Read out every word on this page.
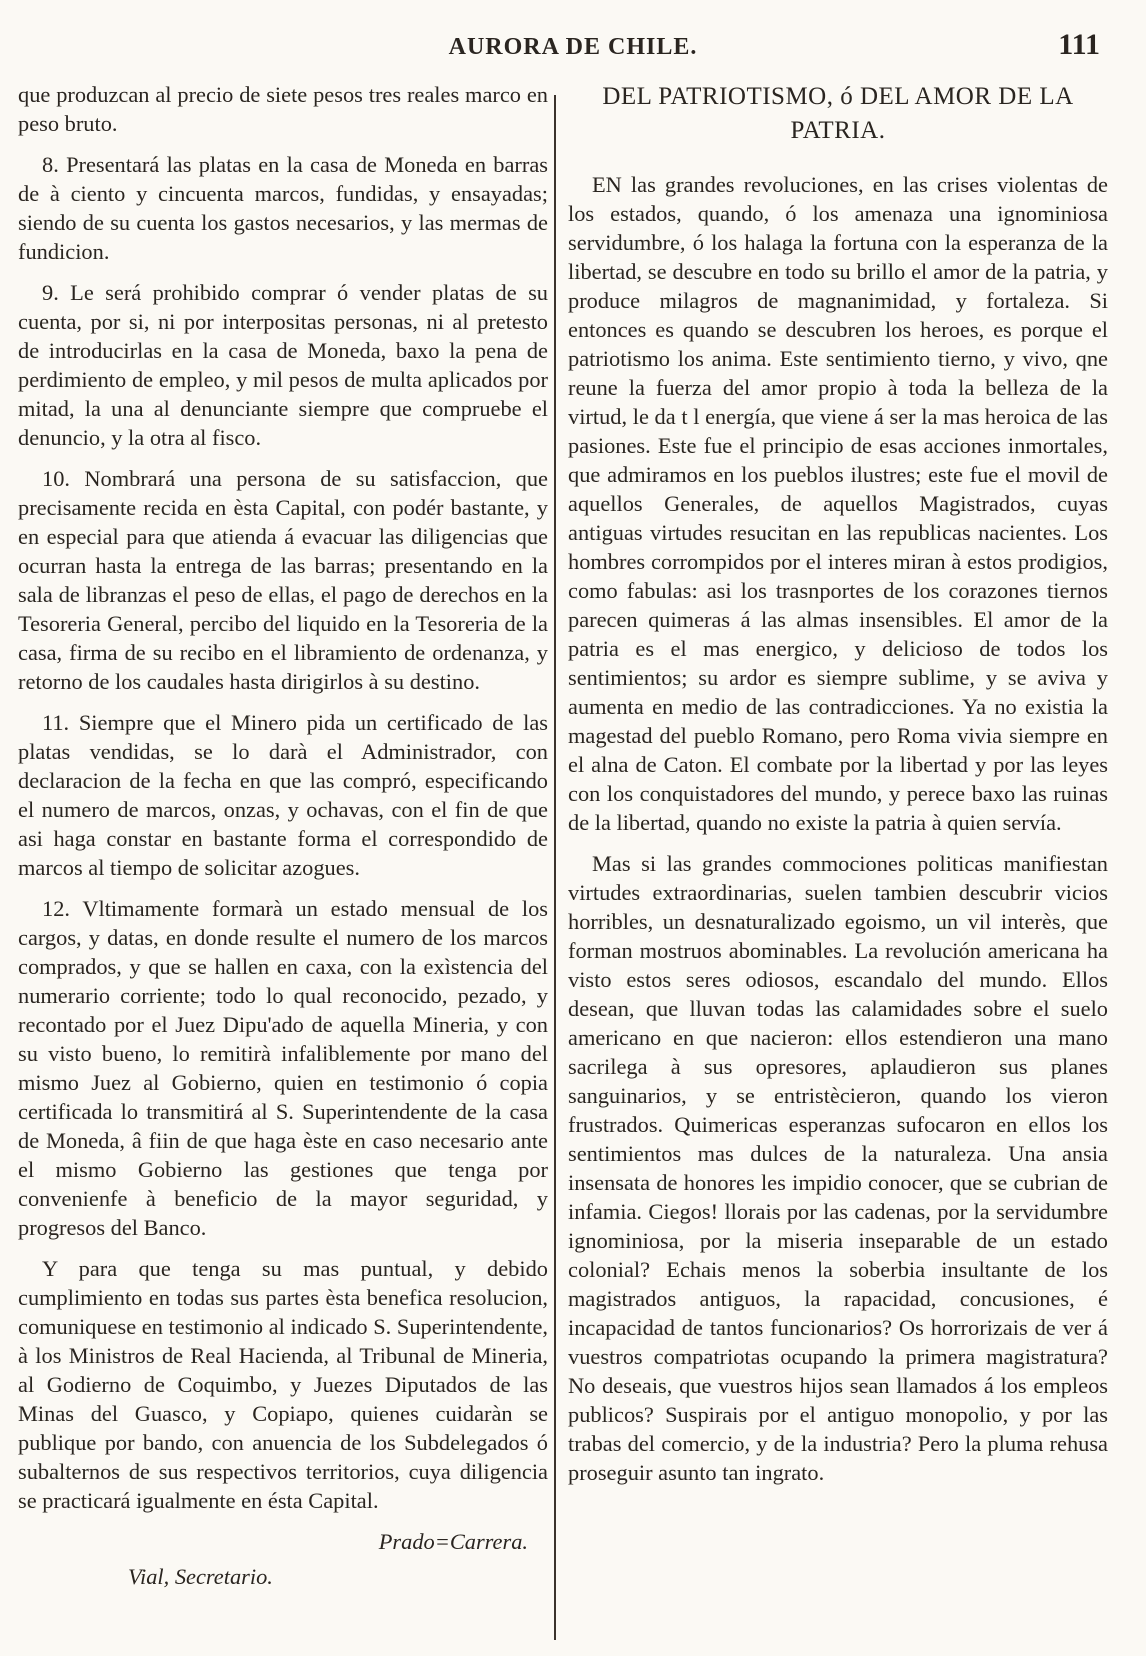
AURORA DE CHILE.	111

que produzcan al precio de siete pesos tres reales marco en peso bruto.

8. Presentará las platas en la casa de Moneda en barras de à ciento y cincuenta marcos, fundidas, y ensayadas; siendo de su cuenta los gastos necesarios, y las mermas de fundicion.

9. Le será prohibido comprar ó vender platas de su cuenta, por si, ni por interpositas personas, ni al pretesto de introducirlas en la casa de Moneda, baxo la pena de perdimiento de empleo, y mil pesos de multa aplicados por mitad, la una al denunciante siempre que compruebe el denuncio, y la otra al fisco.

10. Nombrará una persona de su satisfaccion, que precisamente recida en èsta Capital, con podér bastante, y en especial para que atienda á evacuar las diligencias que ocurran hasta la entrega de las barras; presentando en la sala de libranzas el peso de ellas, el pago de derechos en la Tesoreria General, percibo del liquido en la Tesoreria de la casa, firma de su recibo en el libramiento de ordenanza, y retorno de los caudales hasta dirigirlos à su destino.

11. Siempre que el Minero pida un certificado de las platas vendidas, se lo darà el Administrador, con declaracion de la fecha en que las compró, especificando el numero de marcos, onzas, y ochavas, con el fin de que asi haga constar en bastante forma el correspondido de marcos al tiempo de solicitar azogues.

12. Vltimamente formarà un estado mensual de los cargos, y datas, en donde resulte el numero de los marcos comprados, y que se hallen en caxa, con la exìstencia del numerario corriente; todo lo qual reconocido, pezado, y recontado por el Juez Dipu'ado de aquella Mineria, y con su visto bueno, lo remitirà infaliblemente por mano del mismo Juez al Gobierno, quien en testimonio ó copia certificada lo transmitirá al S. Superintendente de la casa de Moneda, â fiin de que haga èste en caso necesario ante el mismo Gobierno las gestiones que tenga por convenienfe à beneficio de la mayor seguridad, y progresos del Banco.

Y para que tenga su mas puntual, y debido cumplimiento en todas sus partes èsta benefica resolucion, comuniquese en testimonio al indicado S. Superintendente, à los Ministros de Real Hacienda, al Tribunal de Mineria, al Godierno de Coquimbo, y Juezes Diputados de las Minas del Guasco, y Copiapo, quienes cuidaràn se publique por bando, con anuencia de los Subdelegados ó subalternos de sus respectivos territorios, cuya diligencia se practicará igualmente en ésta Capital.

Prado=Carrera.
Vial, Secretario.
DEL PATRIOTISMO, ó DEL AMOR DE LA PATRIA.

EN las grandes revoluciones, en las crises violentas de los estados, quando, ó los amenaza una ignominiosa servidumbre, ó los halaga la fortuna con la esperanza de la libertad, se descubre en todo su brillo el amor de la patria, y produce milagros de magnanimidad, y fortaleza. Si entonces es quando se descubren los heroes, es porque el patriotismo los anima. Este sentimiento tierno, y vivo, qne reune la fuerza del amor propio à toda la belleza de la virtud, le da t l energía, que viene á ser la mas heroica de las pasiones. Este fue el principio de esas acciones inmortales, que admiramos en los pueblos ilustres; este fue el movil de aquellos Generales, de aquellos Magistrados, cuyas antiguas virtudes resucitan en las republicas nacientes. Los hombres corrompidos por el interes miran à estos prodigios, como fabulas: asi los trasnportes de los corazones tiernos parecen quimeras á las almas insensibles. El amor de la patria es el mas energico, y delicioso de todos los sentimientos; su ardor es siempre sublime, y se aviva y aumenta en medio de las contradicciones. Ya no existia la magestad del pueblo Romano, pero Roma vivia siempre en el alna de Caton. El combate por la libertad y por las leyes con los conquistadores del mundo, y perece baxo las ruinas de la libertad, quando no existe la patria à quien servía.

Mas si las grandes commociones politicas manifiestan virtudes extraordinarias, suelen tambien descubrir vicios horribles, un desnaturalizado egoismo, un vil interès, que forman mostruos abominables. La revolución americana ha visto estos seres odiosos, escandalo del mundo. Ellos desean, que lluvan todas las calamidades sobre el suelo americano en que nacieron: ellos estendieron una mano sacrilega à sus opresores, aplaudieron sus planes sanguinarios, y se entristècieron, quando los vieron frustrados. Quimericas esperanzas sufocaron en ellos los sentimientos mas dulces de la naturaleza. Una ansia insensata de honores les impidio conocer, que se cubrian de infamia. Ciegos! llorais por las cadenas, por la servidumbre ignominiosa, por la miseria inseparable de un estado colonial? Echais menos la soberbia insultante de los magistrados antiguos, la rapacidad, concusiones, é incapacidad de tantos funcionarios? Os horrorizais de ver á vuestros compatriotas ocupando la primera magistratura? No deseais, que vuestros hijos sean llamados á los empleos publicos? Suspirais por el antiguo monopolio, y por las trabas del comercio, y de la industria? Pero la pluma rehusa proseguir asunto tan ingrato.
